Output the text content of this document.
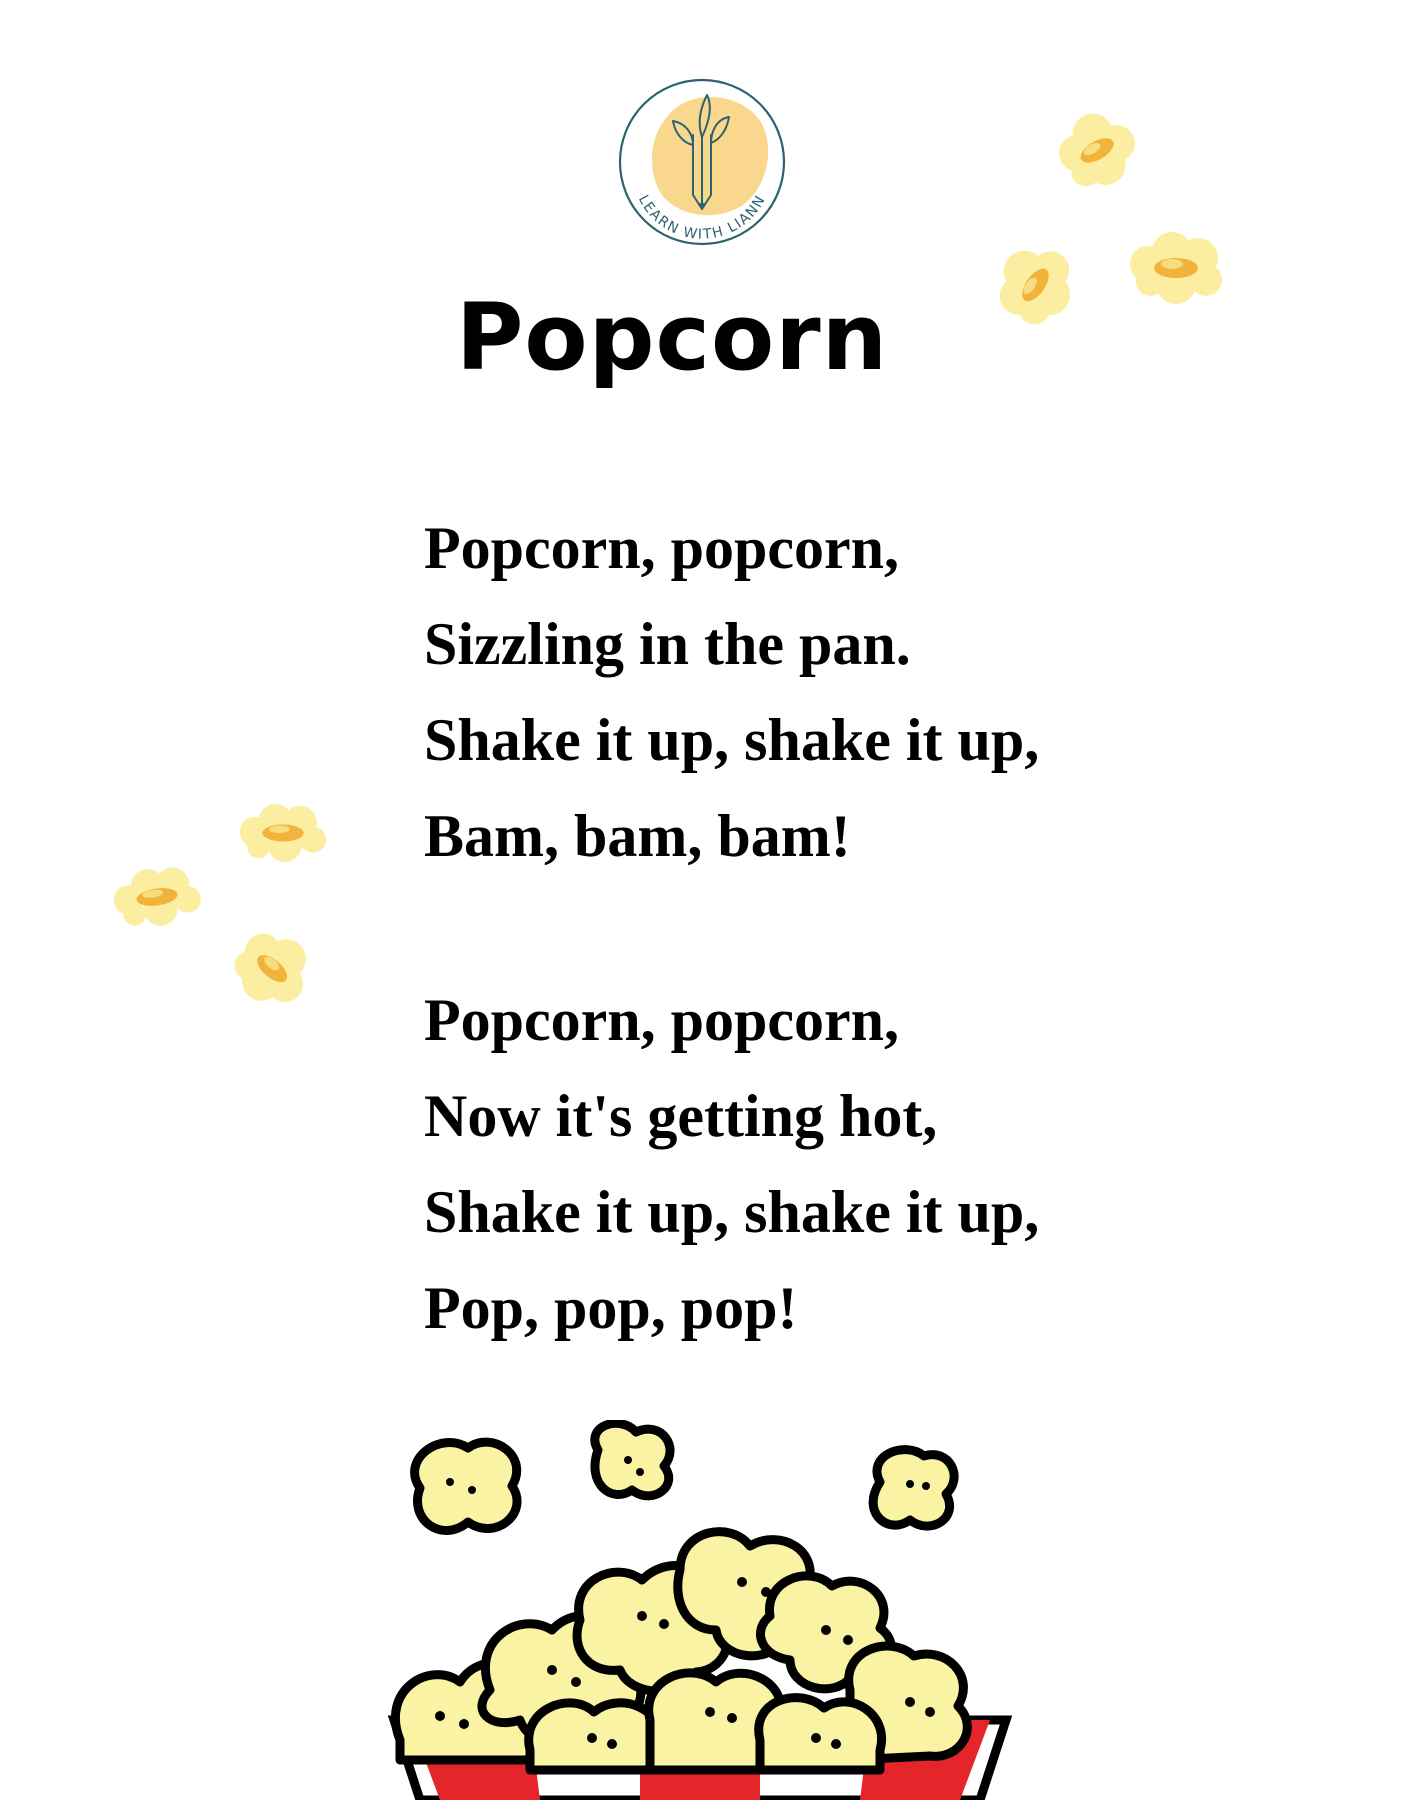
LEARN WITH LIANN
Popcorn
Popcorn, popcorn,
Sizzling in the pan.
Shake it up, shake it up,
Bam, bam, bam!
Popcorn, popcorn,
Now it's getting hot,
Shake it up, shake it up,
Pop, pop, pop!
